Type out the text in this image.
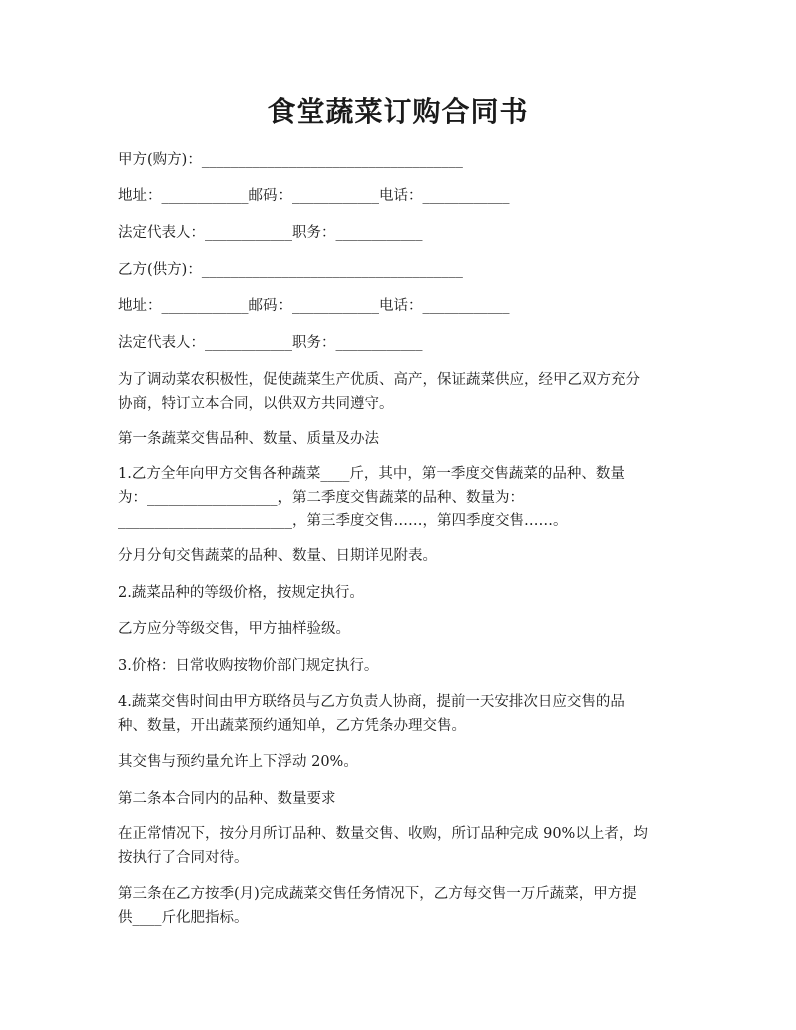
食堂蔬菜订购合同书
甲方(购方)：____________________________________
地址：____________邮码：____________电话：____________
法定代表人：____________职务：____________
乙方(供方)：____________________________________
地址：____________邮码：____________电话：____________
法定代表人：____________职务：____________
为了调动菜农积极性，促使蔬菜生产优质、高产，保证蔬菜供应，经甲乙双方充分
协商，特订立本合同，以供双方共同遵守。
第一条蔬菜交售品种、数量、质量及办法
1.乙方全年向甲方交售各种蔬菜____斤，其中，第一季度交售蔬菜的品种、数量
为：__________________，第二季度交售蔬菜的品种、数量为：
________________________，第三季度交售……，第四季度交售……。
分月分旬交售蔬菜的品种、数量、日期详见附表。
2.蔬菜品种的等级价格，按规定执行。
乙方应分等级交售，甲方抽样验级。
3.价格：日常收购按物价部门规定执行。
4.蔬菜交售时间由甲方联络员与乙方负责人协商，提前一天安排次日应交售的品
种、数量，开出蔬菜预约通知单，乙方凭条办理交售。
其交售与预约量允许上下浮动 20%。
第二条本合同内的品种、数量要求
在正常情况下，按分月所订品种、数量交售、收购，所订品种完成 90%以上者，均
按执行了合同对待。
第三条在乙方按季(月)完成蔬菜交售任务情况下，乙方每交售一万斤蔬菜，甲方提
供____斤化肥指标。
